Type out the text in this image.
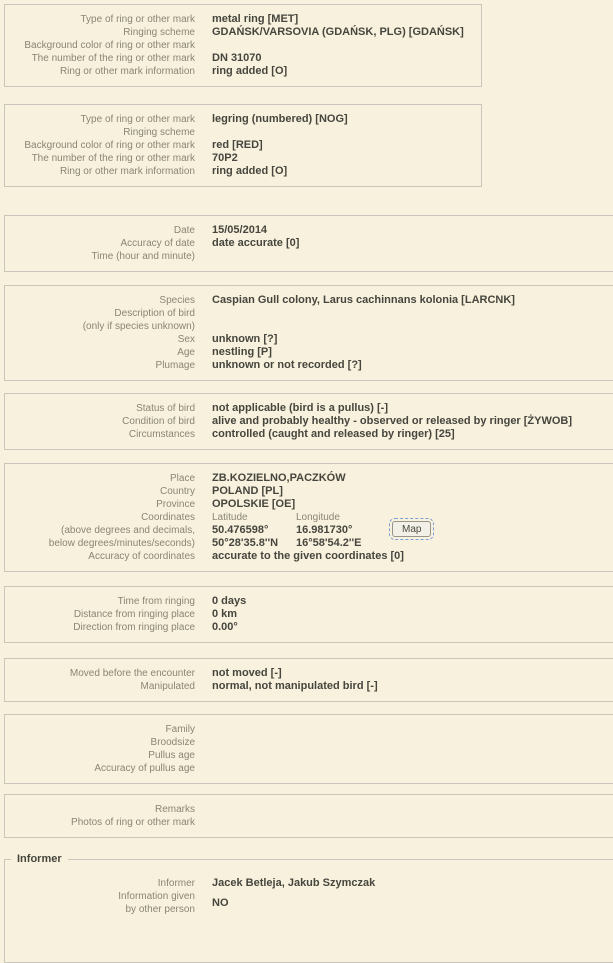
Type of ring or other mark	metal ring [MET]
Ringing scheme	GDAŃSK/VARSOVIA (GDAŃSK, PLG) [GDAŃSK]
Background color of ring or other mark
The number of the ring or other mark	DN 31070
Ring or other mark information	ring added [O]
Type of ring or other mark	legring (numbered) [NOG]
Ringing scheme
Background color of ring or other mark	red [RED]
The number of the ring or other mark	70P2
Ring or other mark information	ring added [O]
Date	15/05/2014
Accuracy of date	date accurate [0]
Time (hour and minute)
Species	Caspian Gull colony, Larus cachinnans kolonia [LARCNK]
Description of bird
(only if species unknown)
Sex	unknown [?]
Age	nestling [P]
Plumage	unknown or not recorded [?]
Status of bird	not applicable (bird is a pullus) [-]
Condition of bird	alive and probably healthy - observed or released by ringer [ŻYWOB]
Circumstances	controlled (caught and released by ringer) [25]
Place	ZB.KOZIELNO,PACZKÓW
Country	POLAND [PL]
Province	OPOLSKIE [OE]
Coordinates
(above degrees and decimals,
below degrees/minutes/seconds)
Latitude	Longitude
50.476598°	16.981730°	Map
50°28'35.8''N	16°58'54.2''E
Accuracy of coordinates	accurate to the given coordinates [0]
Time from ringing	0 days
Distance from ringing place	0 km
Direction from ringing place	0.00°
Moved before the encounter	not moved [-]
Manipulated	normal, not manipulated bird [-]
Family
Broodsize
Pullus age
Accuracy of pullus age
Remarks
Photos of ring or other mark
Informer
Informer	Jacek Betleja, Jakub Szymczak
Information given
by other person
NO
